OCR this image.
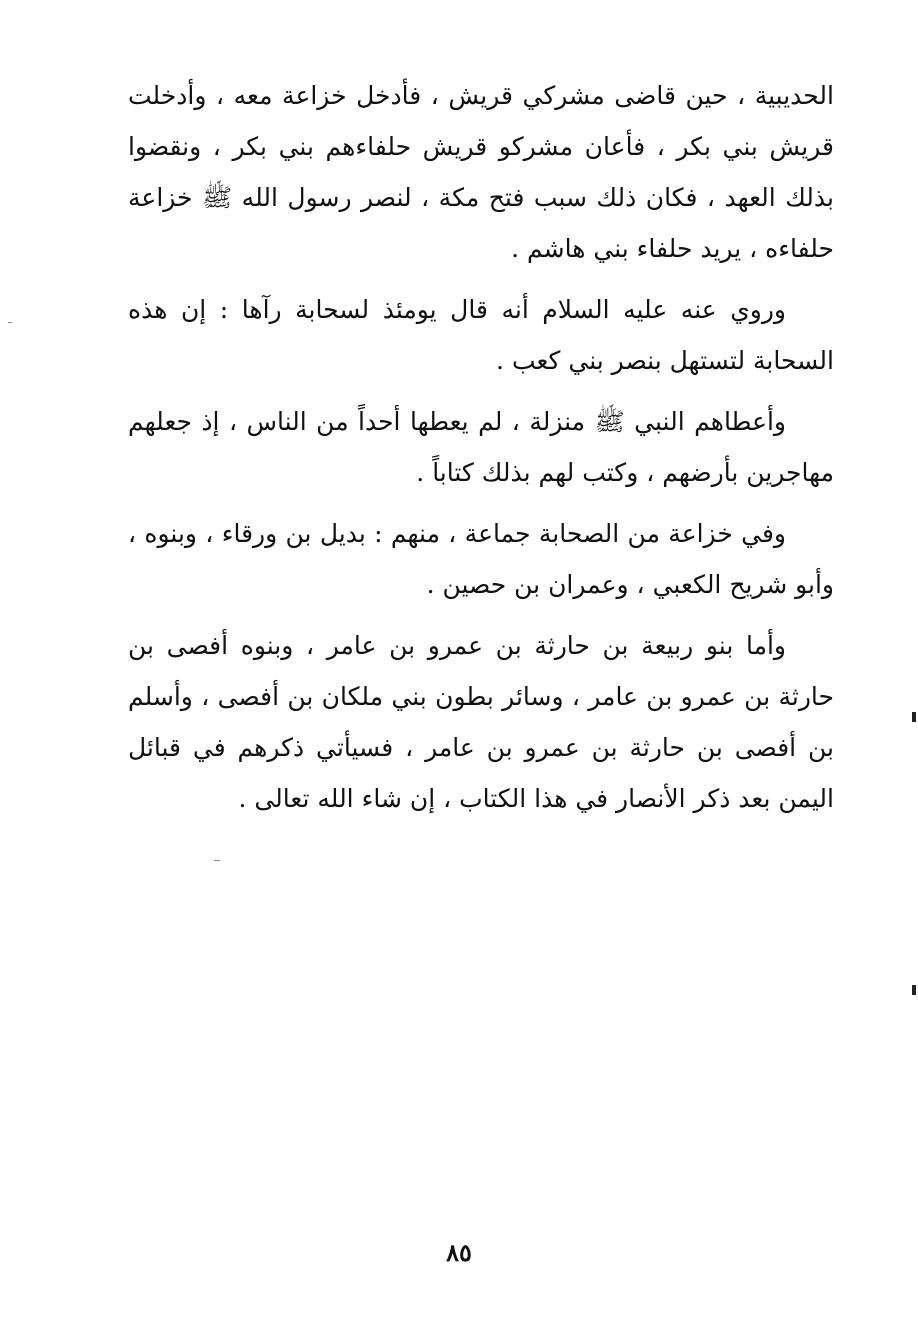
الحديبية ، حين قاضى مشركي قريش ، فأدخل خزاعة معه ، وأدخلت قريش بني بكر ، فأعان مشركو قريش حلفاءهم بني بكر ، ونقضوا بذلك العهد ، فكان ذلك سبب فتح مكة ، لنصر رسول الله ﷺ خزاعة حلفاءه ، يريد حلفاء بني هاشم .

وروي عنه عليه السلام أنه قال يومئذ لسحابة رآها : إن هذه السحابة لتستهل بنصر بني كعب .

وأعطاهم النبي ﷺ منزلة ، لم يعطها أحداً من الناس ، إذ جعلهم مهاجرين بأرضهم ، وكتب لهم بذلك كتاباً .

وفي خزاعة من الصحابة جماعة ، منهم : بديل بن ورقاء ، وبنوه ، وأبو شريح الكعبي ، وعمران بن حصين .

وأما بنو ربيعة بن حارثة بن عمرو بن عامر ، وبنوه أفصى بن حارثة بن عمرو بن عامر ، وسائر بطون بني ملكان بن أفصى ، وأسلم بن أفصى بن حارثة بن عمرو بن عامر ، فسيأتي ذكرهم في قبائل اليمن بعد ذكر الأنصار في هذا الكتاب ، إن شاء الله تعالى .

٨٥
